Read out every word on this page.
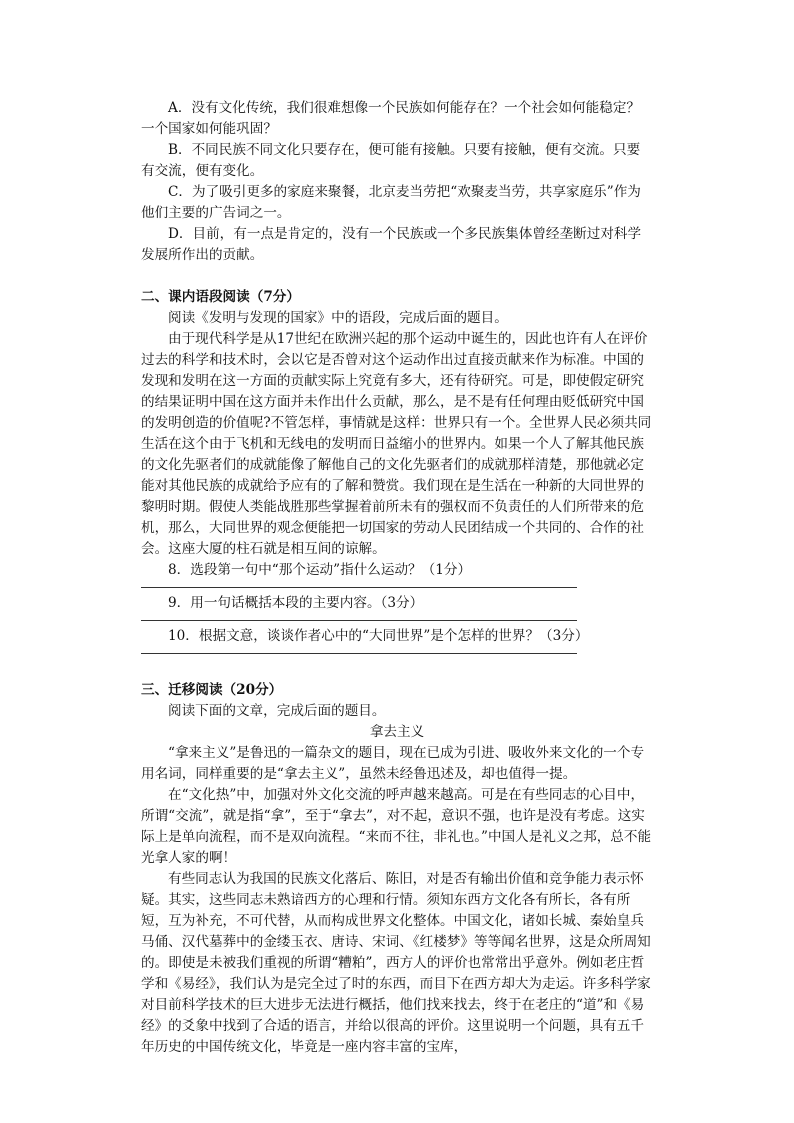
A．没有文化传统，我们很难想像一个民族如何能存在？一个社会如何能稳定？一个国家如何能巩固？

B．不同民族不同文化只要存在，便可能有接触。只要有接触，便有交流。只要有交流，便有变化。

C．为了吸引更多的家庭来聚餐，北京麦当劳把“欢聚麦当劳，共享家庭乐”作为他们主要的广告词之一。

D．目前，有一点是肯定的，没有一个民族或一个多民族集体曾经垄断过对科学发展所作出的贡献。

二、课内语段阅读（7分）

阅读《发明与发现的国家》中的语段，完成后面的题目。

由于现代科学是从17世纪在欧洲兴起的那个运动中诞生的，因此也许有人在评价过去的科学和技术时，会以它是否曾对这个运动作出过直接贡献来作为标准。中国的发现和发明在这一方面的贡献实际上究竟有多大，还有待研究。可是，即使假定研究的结果证明中国在这方面并未作出什么贡献，那么，是不是有任何理由贬低研究中国的发明创造的价值呢?不管怎样，事情就是这样：世界只有一个。全世界人民必须共同生活在这个由于飞机和无线电的发明而日益缩小的世界内。如果一个人了解其他民族的文化先驱者们的成就能像了解他自己的文化先驱者们的成就那样清楚，那他就必定能对其他民族的成就给予应有的了解和赞赏。我们现在是生活在一种新的大同世界的黎明时期。假使人类能战胜那些掌握着前所未有的强权而不负责任的人们所带来的危机，那么，大同世界的观念便能把一切国家的劳动人民团结成一个共同的、合作的社会。这座大厦的柱石就是相互间的谅解。

8．选段第一句中“那个运动”指什么运动？（1分）

9．用一句话概括本段的主要内容。（3分）

10．根据文意，谈谈作者心中的“大同世界”是个怎样的世界？（3分）

三、迁移阅读（20分）

阅读下面的文章，完成后面的题目。

拿去主义

“拿来主义”是鲁迅的一篇杂文的题目，现在已成为引进、吸收外来文化的一个专用名词，同样重要的是“拿去主义”，虽然未经鲁迅述及，却也值得一提。

在“文化热”中，加强对外文化交流的呼声越来越高。可是在有些同志的心目中，所谓“交流”，就是指“拿”，至于“拿去”，对不起，意识不强，也许是没有考虑。这实际上是单向流程，而不是双向流程。“来而不往，非礼也。”中国人是礼义之邦，总不能光拿人家的啊！

有些同志认为我国的民族文化落后、陈旧，对是否有输出价值和竞争能力表示怀疑。其实，这些同志未熟谙西方的心理和行情。须知东西方文化各有所长，各有所短，互为补充，不可代替，从而构成世界文化整体。中国文化，诸如长城、秦始皇兵马俑、汉代墓葬中的金缕玉衣、唐诗、宋词、《红楼梦》等等闻名世界，这是众所周知的。即使是未被我们重视的所谓“糟粕”，西方人的评价也常常出乎意外。例如老庄哲学和《易经》，我们认为是完全过了时的东西，而目下在西方却大为走运。许多科学家对目前科学技术的巨大进步无法进行概括，他们找来找去，终于在老庄的“道”和《易经》的爻象中找到了合适的语言，并给以很高的评价。这里说明一个问题，具有五千年历史的中国传统文化，毕竟是一座内容丰富的宝库，
